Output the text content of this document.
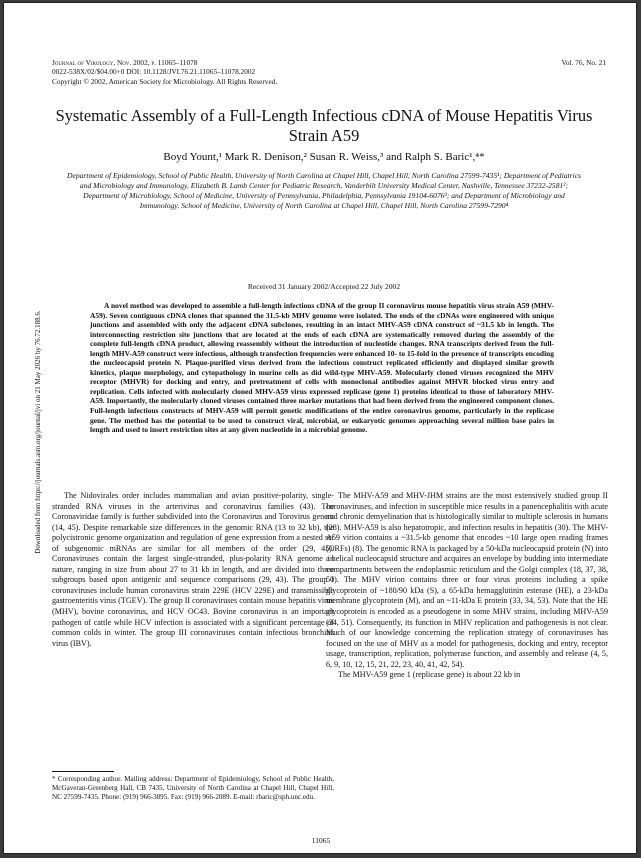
Journal of Virology, Nov. 2002, p. 11065–11078
0022-538X/02/$04.00+0 DOI: 10.1128/JVI.76.21.11065–11078.2002
Copyright © 2002, American Society for Microbiology. All Rights Reserved.
Vol. 76, No. 21
Systematic Assembly of a Full-Length Infectious cDNA of Mouse Hepatitis Virus Strain A59
Boyd Yount,¹ Mark R. Denison,² Susan R. Weiss,³ and Ralph S. Baric¹,⁴*
Department of Epidemiology, School of Public Health, University of North Carolina at Chapel Hill, Chapel Hill, North Carolina 27599-7435¹; Department of Pediatrics and Microbiology and Immunology, Elizabeth B. Lamb Center for Pediatric Research, Vanderbilt University Medical Center, Nashville, Tennessee 37232-2581²; Department of Microbiology, School of Medicine, University of Pennsylvania, Philadelphia, Pennsylvania 19104-6076³; and Department of Microbiology and Immunology, School of Medicine, University of North Carolina at Chapel Hill, Chapel Hill, North Carolina 27599-7290⁴
Received 31 January 2002/Accepted 22 July 2002
A novel method was developed to assemble a full-length infectious cDNA of the group II coronavirus mouse hepatitis virus strain A59 (MHV-A59). Seven contiguous cDNA clones that spanned the 31.5-kb MHV genome were isolated. The ends of the cDNAs were engineered with unique junctions and assembled with only the adjacent cDNA subclones, resulting in an intact MHV-A59 cDNA construct of ~31.5 kb in length. The interconnecting restriction site junctions that are located at the ends of each cDNA are systematically removed during the assembly of the complete full-length cDNA product, allowing reassembly without the introduction of nucleotide changes. RNA transcripts derived from the full-length MHV-A59 construct were infectious, although transfection frequencies were enhanced 10- to 15-fold in the presence of transcripts encoding the nucleocapsid protein N. Plaque-purified virus derived from the infectious construct replicated efficiently and displayed similar growth kinetics, plaque morphology, and cytopathology in murine cells as did wild-type MHV-A59. Molecularly cloned viruses recognized the MHV receptor (MHVR) for docking and entry, and pretreatment of cells with monoclonal antibodies against MHVR blocked virus entry and replication. Cells infected with molecularly cloned MHV-A59 virus expressed replicase (gene 1) proteins identical to those of laboratory MHV-A59. Importantly, the molecularly cloned viruses contained three marker mutations that had been derived from the engineered component clones. Full-length infectious constructs of MHV-A59 will permit genetic modifications of the entire coronavirus genome, particularly in the replicase gene. The method has the potential to be used to construct viral, microbial, or eukaryotic genomes approaching several million base pairs in length and used to insert restriction sites at any given nucleotide in a microbial genome.
Downloaded from https://journals.asm.org/journal/jvi on 21 May 2026 by 76.72.188.6.	The Nidovirales order includes mammalian and avian positive-polarity, single-stranded RNA viruses in the arterivirus and coronavirus families (43). The Coronaviridae family is further subdivided into the Coronavirus and Torovirus genera (14, 45). Despite remarkable size differences in the genomic RNA (13 to 32 kb), the polycistronic genome organization and regulation of gene expression from a nested set of subgenomic mRNAs are similar for all members of the order (29, 45). Coronaviruses contain the largest single-stranded, plus-polarity RNA genome in nature, ranging in size from about 27 to 31 kb in length, and are divided into three subgroups based upon antigenic and sequence comparisons (29, 43). The group I coronaviruses include human coronavirus strain 229E (HCV 229E) and transmissible gastroenteritis virus (TGEV). The group II coronaviruses contain mouse hepatitis virus (MHV), bovine coronavirus, and HCV OC43. Bovine coronavirus is an important pathogen of cattle while HCV infection is associated with a significant percentage of common colds in winter. The group III coronaviruses contain infectious bronchitis virus (IBV).

The MHV-A59 and MHV-JHM strains are the most extensively studied group II coronaviruses, and infection in susceptible mice results in a panencephalitis with acute and chronic demyelination that is histologically similar to multiple sclerosis in humans (28). MHV-A59 is also hepatotropic, and infection results in hepatitis (30). The MHV-A59 virion contains a ~31.5-kb genome that encodes ~10 large open reading frames (ORFs) (8). The genomic RNA is packaged by a 50-kDa nucleocapsid protein (N) into a helical nucleocapsid structure and acquires an envelope by budding into intermediate compartments between the endoplasmic reticulum and the Golgi complex (18, 37, 38, 50). The MHV virion contains three or four virus proteins including a spike glycoprotein of ~180/90 kDa (S), a 65-kDa hemagglutinin esterase (HE), a 23-kDa membrane glycoprotein (M), and an ~11-kDa E protein (33, 34, 53). Note that the HE glycoprotein is encoded as a pseudogene in some MHV strains, including MHV-A59 (34, 51). Consequently, its function in MHV replication and pathogenesis is not clear. Much of our knowledge concerning the replication strategy of coronaviruses has focused on the use of MHV as a model for pathogenesis, docking and entry, receptor usage, transcription, replication, polymerase function, and assembly and release (4, 5, 6, 9, 10, 12, 15, 21, 22, 23, 40, 41, 42, 54).

The MHV-A59 gene 1 (replicase gene) is about 22 kb in

* Corresponding author. Mailing address: Department of Epidemiology, School of Public Health, McGaveran-Greenberg Hall, CB 7435, University of North Carolina at Chapel Hill, Chapel Hill, NC 27599-7435. Phone: (919) 966-3895. Fax: (919) 966-2089. E-mail: rbaric@sph.unc.edu.
11065
